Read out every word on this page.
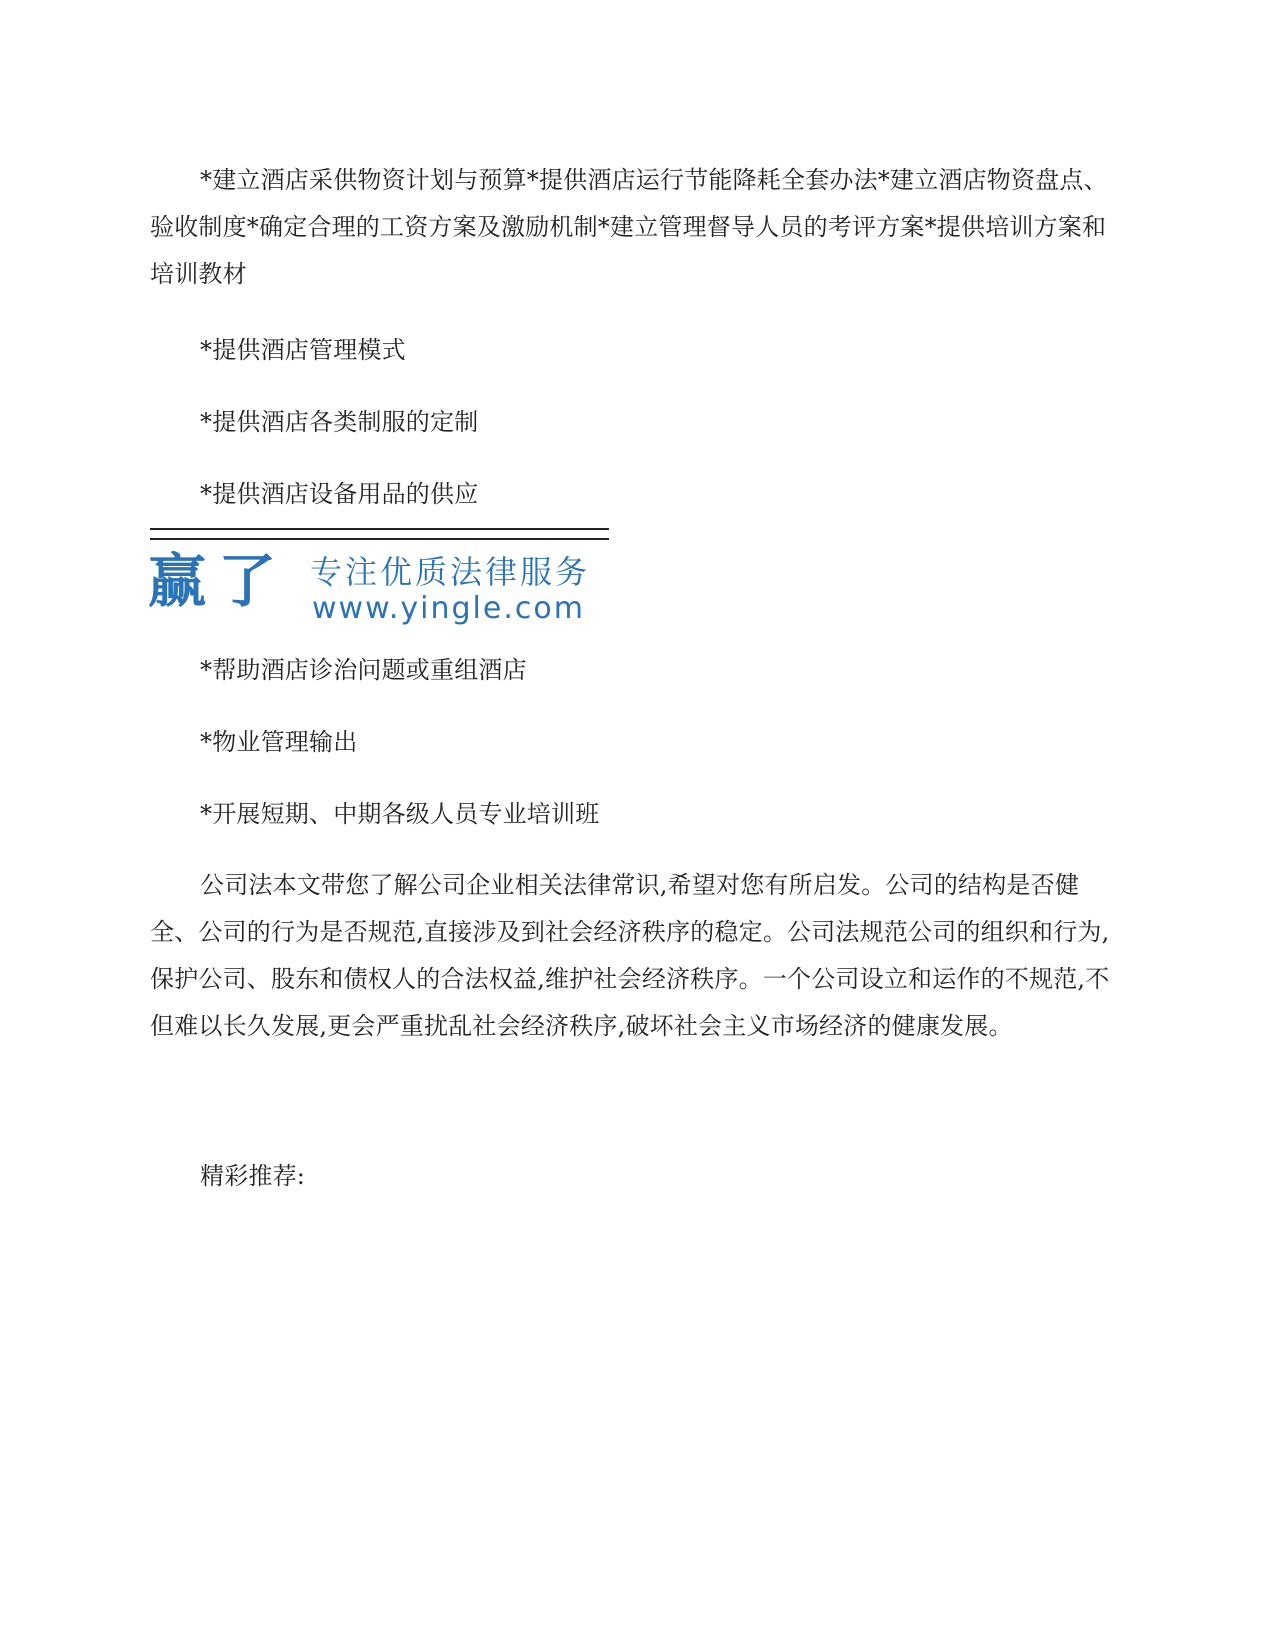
*建立酒店采供物资计划与预算*提供酒店运行节能降耗全套办法*建立酒店物资盘点、验收制度*确定合理的工资方案及激励机制*建立管理督导人员的考评方案*提供培训方案和培训教材

*提供酒店管理模式

*提供酒店各类制服的定制

*提供酒店设备用品的供应

赢了 专注优质法律服务
www.yingle.com

*帮助酒店诊治问题或重组酒店

*物业管理输出

*开展短期、中期各级人员专业培训班

公司法本文带您了解公司企业相关法律常识,希望对您有所启发。公司的结构是否健全、公司的行为是否规范,直接涉及到社会经济秩序的稳定。公司法规范公司的组织和行为,保护公司、股东和债权人的合法权益,维护社会经济秩序。一个公司设立和运作的不规范,不但难以长久发展,更会严重扰乱社会经济秩序,破坏社会主义市场经济的健康发展。

精彩推荐:
